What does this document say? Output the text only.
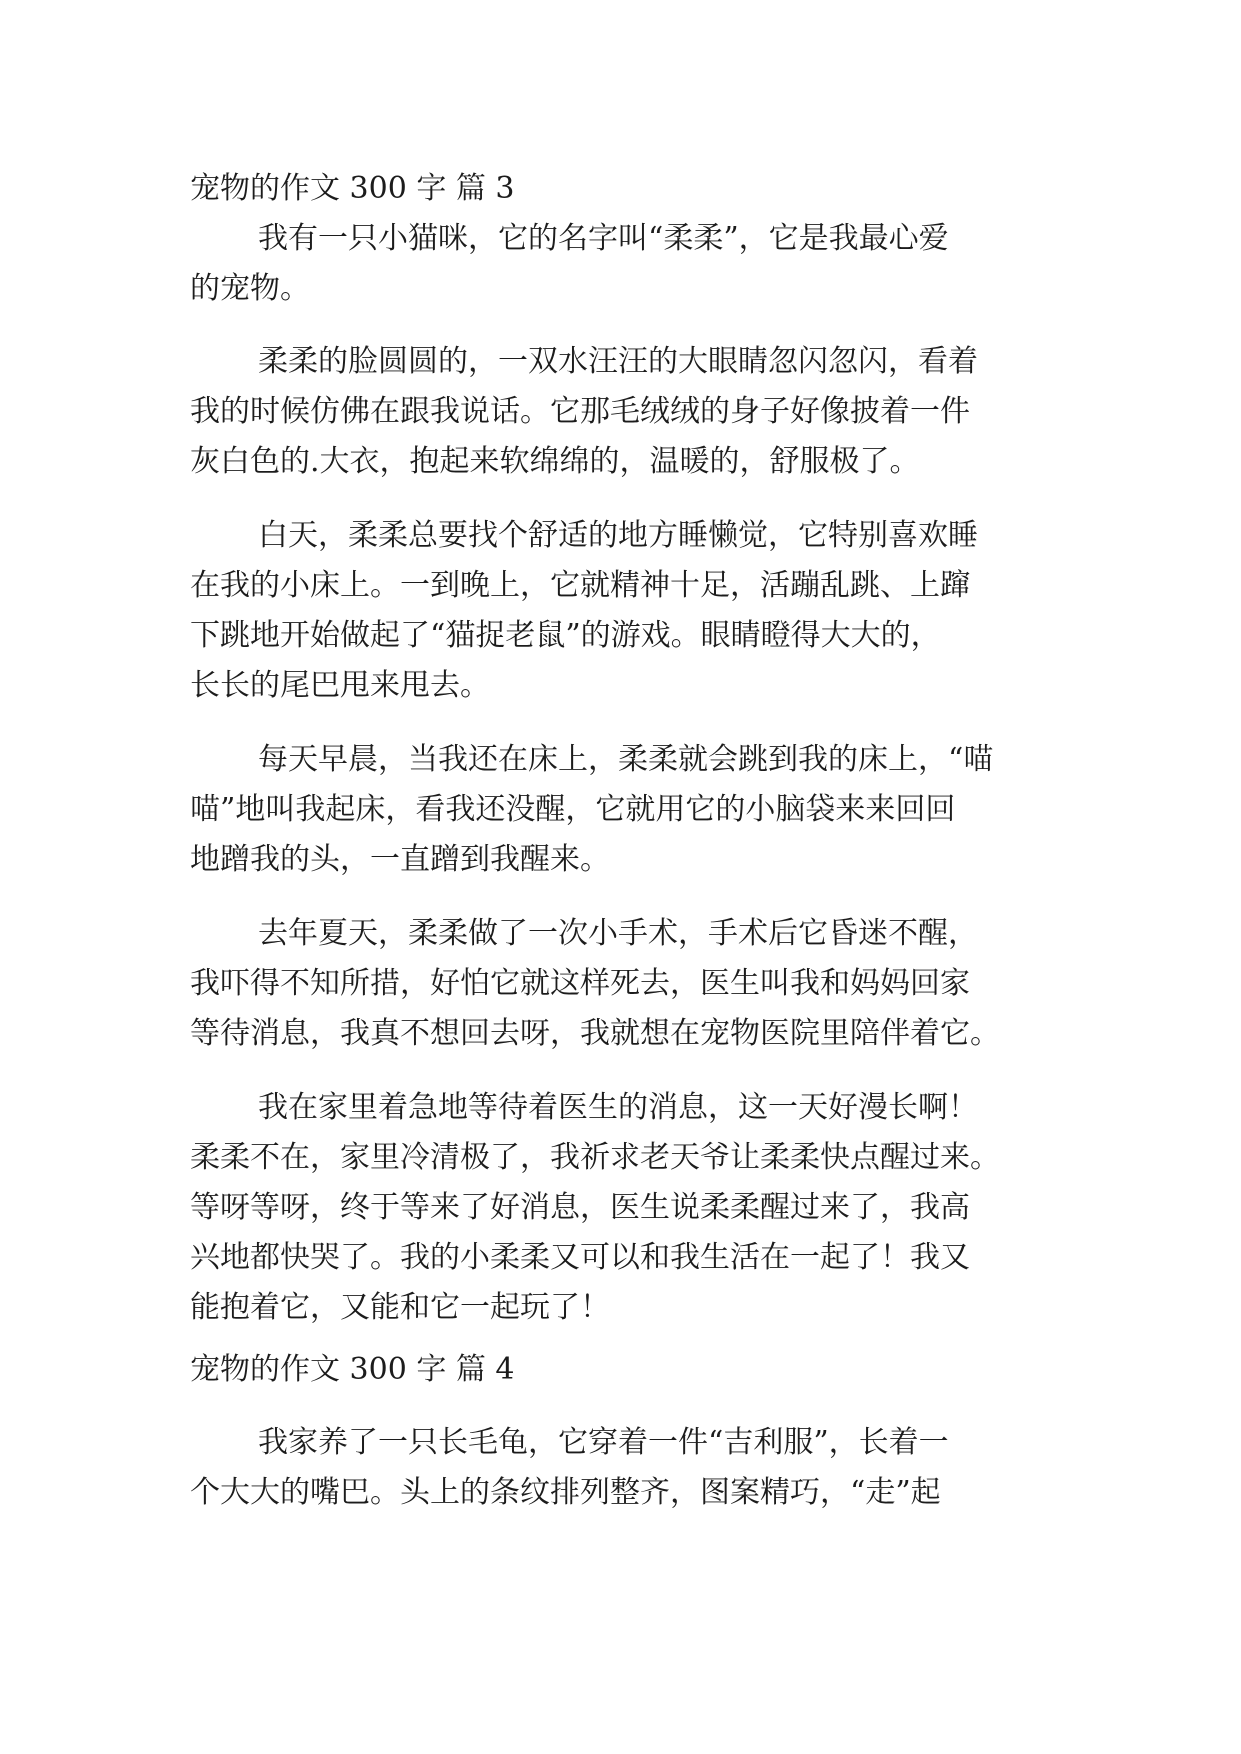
宠物的作文 300 字 篇 3

我有一只小猫咪，它的名字叫“柔柔”，它是我最心爱

的宠物。

柔柔的脸圆圆的，一双水汪汪的大眼睛忽闪忽闪，看着

我的时候仿佛在跟我说话。它那毛绒绒的身子好像披着一件

灰白色的.大衣，抱起来软绵绵的，温暖的，舒服极了。

白天，柔柔总要找个舒适的地方睡懒觉，它特别喜欢睡

在我的小床上。一到晚上，它就精神十足，活蹦乱跳、上蹿

下跳地开始做起了“猫捉老鼠”的游戏。眼睛瞪得大大的，

长长的尾巴甩来甩去。

每天早晨，当我还在床上，柔柔就会跳到我的床上，“喵

喵”地叫我起床，看我还没醒，它就用它的小脑袋来来回回

地蹭我的头，一直蹭到我醒来。

去年夏天，柔柔做了一次小手术，手术后它昏迷不醒，

我吓得不知所措，好怕它就这样死去，医生叫我和妈妈回家

等待消息，我真不想回去呀，我就想在宠物医院里陪伴着它。

我在家里着急地等待着医生的消息，这一天好漫长啊！

柔柔不在，家里冷清极了，我祈求老天爷让柔柔快点醒过来。

等呀等呀，终于等来了好消息，医生说柔柔醒过来了，我高

兴地都快哭了。我的小柔柔又可以和我生活在一起了！我又

能抱着它，又能和它一起玩了！

宠物的作文 300 字 篇 4

我家养了一只长毛龟，它穿着一件“吉利服”，长着一

个大大的嘴巴。头上的条纹排列整齐，图案精巧，“走”起
